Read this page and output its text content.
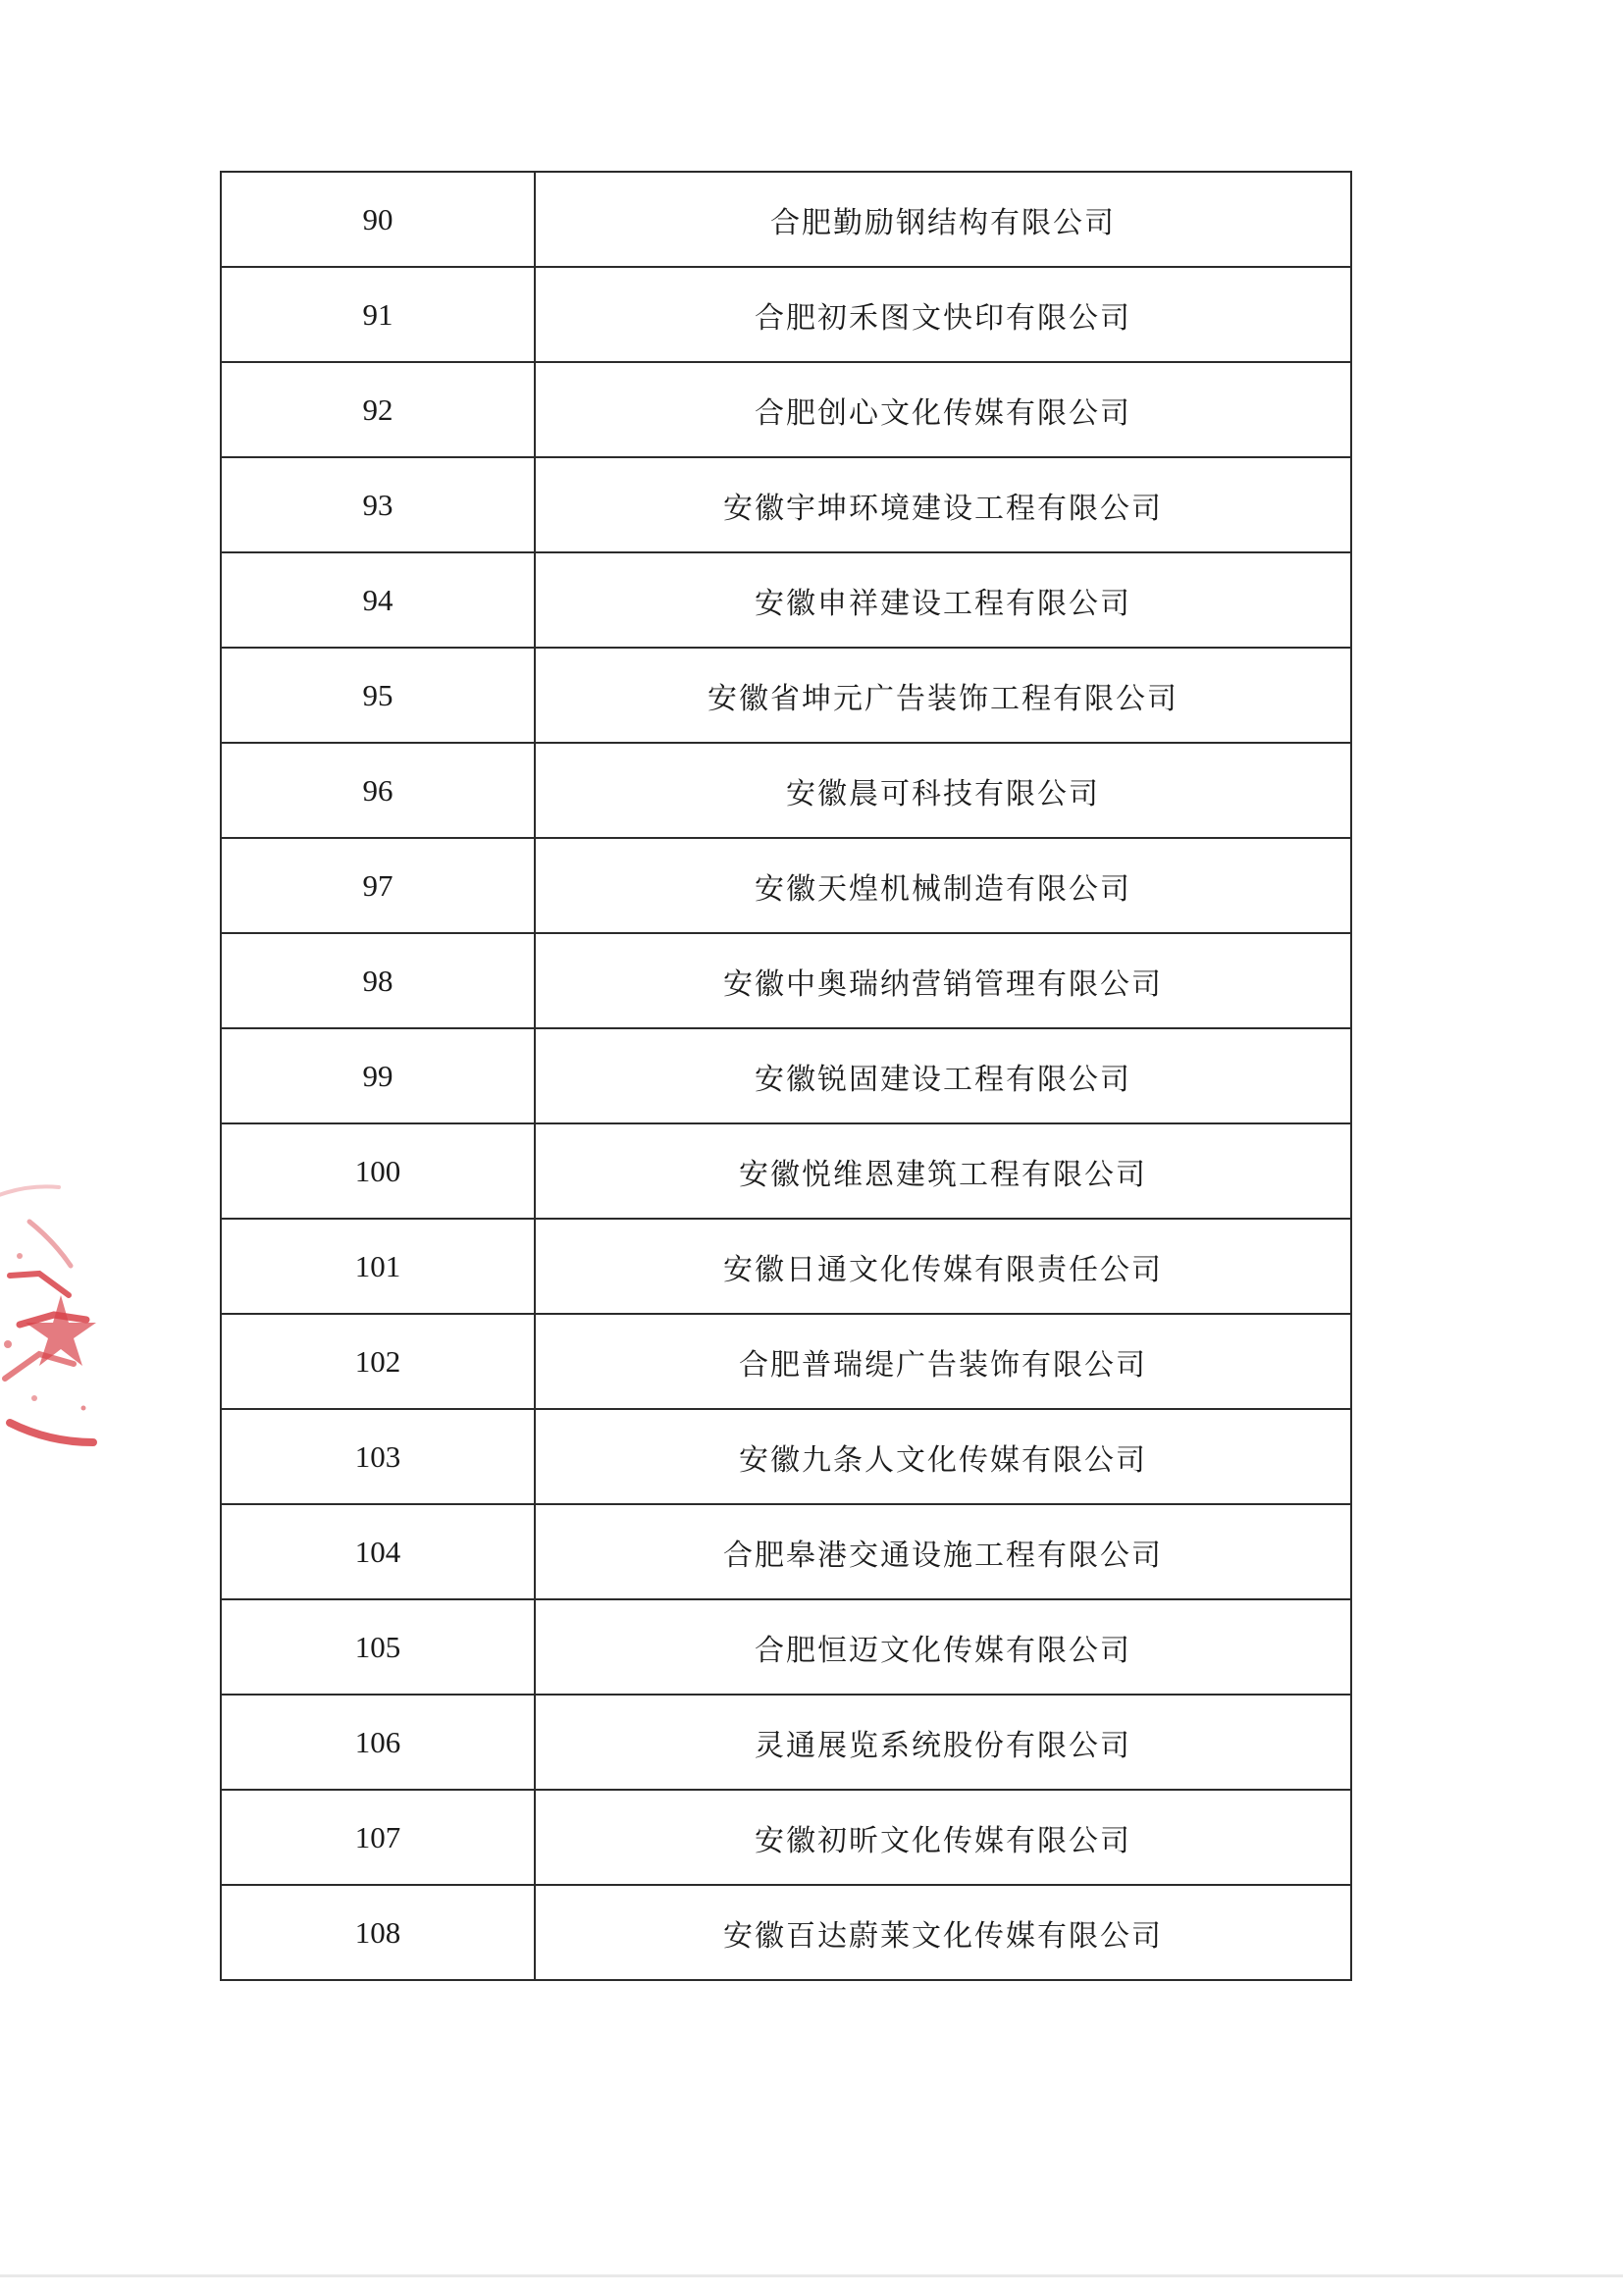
90	合肥勤励钢结构有限公司
91	合肥初禾图文快印有限公司
92	合肥创心文化传媒有限公司
93	安徽宇坤环境建设工程有限公司
94	安徽申祥建设工程有限公司
95	安徽省坤元广告装饰工程有限公司
96	安徽晨可科技有限公司
97	安徽天煌机械制造有限公司
98	安徽中奥瑞纳营销管理有限公司
99	安徽锐固建设工程有限公司
100	安徽悦维恩建筑工程有限公司
101	安徽日通文化传媒有限责任公司
102	合肥普瑞缇广告装饰有限公司
103	安徽九条人文化传媒有限公司
104	合肥皋港交通设施工程有限公司
105	合肥恒迈文化传媒有限公司
106	灵通展览系统股份有限公司
107	安徽初昕文化传媒有限公司
108	安徽百达蔚莱文化传媒有限公司
